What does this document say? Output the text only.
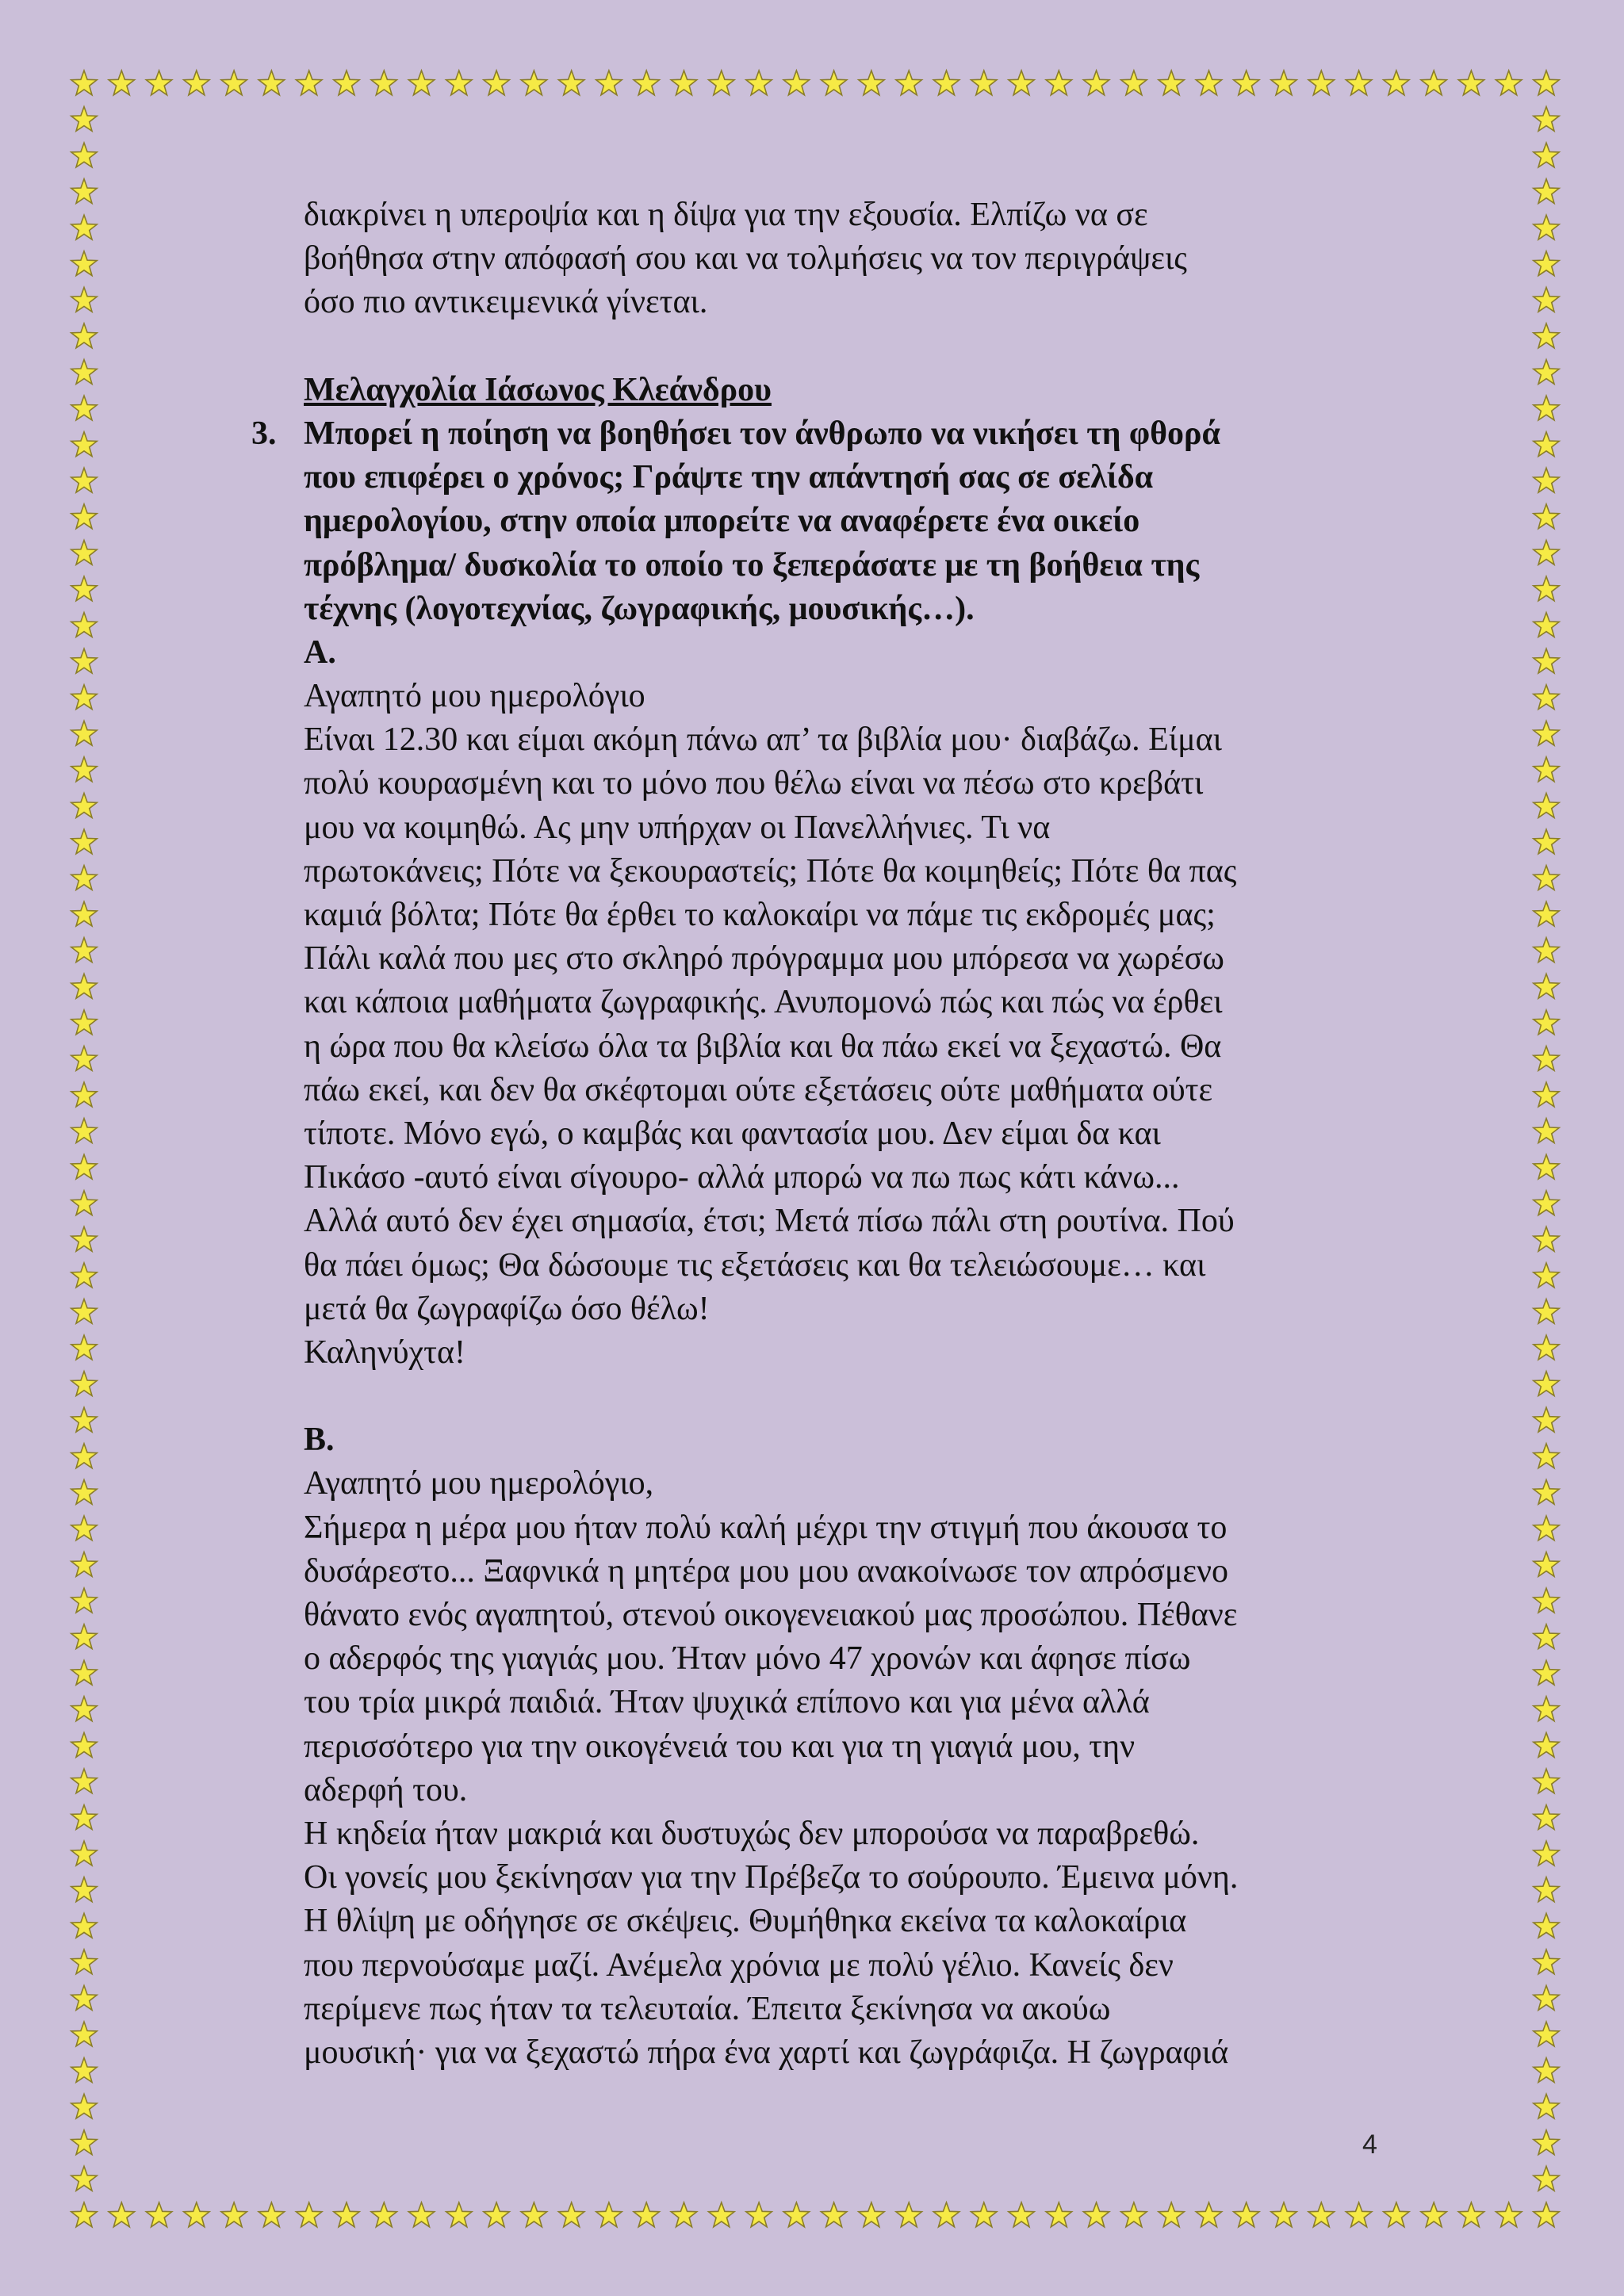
διακρίνει η υπεροψία και η δίψα για την εξουσία. Ελπίζω να σε
βοήθησα στην απόφασή σου και να τολμήσεις να τον περιγράψεις
όσο πιο αντικειμενικά γίνεται.
Μελαγχολία Ιάσωνος Κλεάνδρου
3. Μπορεί η ποίηση να βοηθήσει τον άνθρωπο να νικήσει τη φθορά
που επιφέρει ο χρόνος; Γράψτε την απάντησή σας σε σελίδα
ημερολογίου, στην οποία μπορείτε να αναφέρετε ένα οικείο
πρόβλημα/ δυσκολία το οποίο το ξεπεράσατε με τη βοήθεια της
τέχνης (λογοτεχνίας, ζωγραφικής, μουσικής…).
Α.
Αγαπητό μου ημερολόγιο
Είναι 12.30 και είμαι ακόμη πάνω απ’ τα βιβλία μου· διαβάζω. Είμαι
πολύ κουρασμένη και το μόνο που θέλω είναι να πέσω στο κρεβάτι
μου να κοιμηθώ. Ας μην υπήρχαν οι Πανελλήνιες. Τι να
πρωτοκάνεις; Πότε να ξεκουραστείς; Πότε θα κοιμηθείς; Πότε θα πας
καμιά βόλτα; Πότε θα έρθει το καλοκαίρι να πάμε τις εκδρομές μας;
Πάλι καλά που μες στο σκληρό πρόγραμμα μου μπόρεσα να χωρέσω
και κάποια μαθήματα ζωγραφικής. Ανυπομονώ πώς και πώς να έρθει
η ώρα που θα κλείσω όλα τα βιβλία και θα πάω εκεί να ξεχαστώ. Θα
πάω εκεί, και δεν θα σκέφτομαι ούτε εξετάσεις ούτε μαθήματα ούτε
τίποτε. Μόνο εγώ, ο καμβάς και φαντασία μου. Δεν είμαι δα και
Πικάσο -αυτό είναι σίγουρο- αλλά μπορώ να πω πως κάτι κάνω...
Αλλά αυτό δεν έχει σημασία, έτσι; Μετά πίσω πάλι στη ρουτίνα. Πού
θα πάει όμως; Θα δώσουμε τις εξετάσεις και θα τελειώσουμε… και
μετά θα ζωγραφίζω όσο θέλω!
Καληνύχτα!
Β.
Αγαπητό μου ημερολόγιο,
Σήμερα η μέρα μου ήταν πολύ καλή μέχρι την στιγμή που άκουσα το
δυσάρεστο... Ξαφνικά η μητέρα μου μου ανακοίνωσε τον απρόσμενο
θάνατο ενός αγαπητού, στενού οικογενειακού μας προσώπου. Πέθανε
ο αδερφός της γιαγιάς μου. Ήταν μόνο 47 χρονών και άφησε πίσω
του τρία μικρά παιδιά. Ήταν ψυχικά επίπονο και για μένα αλλά
περισσότερο για την οικογένειά του και για τη γιαγιά μου, την
αδερφή του.
Η κηδεία ήταν μακριά και δυστυχώς δεν μπορούσα να παραβρεθώ.
Οι γονείς μου ξεκίνησαν για την Πρέβεζα το σούρουπο. Έμεινα μόνη.
Η θλίψη με οδήγησε σε σκέψεις. Θυμήθηκα εκείνα τα καλοκαίρια
που περνούσαμε μαζί. Ανέμελα χρόνια με πολύ γέλιο. Κανείς δεν
περίμενε πως ήταν τα τελευταία. Έπειτα ξεκίνησα να ακούω
μουσική· για να ξεχαστώ πήρα ένα χαρτί και ζωγράφιζα. Η ζωγραφιά
4
